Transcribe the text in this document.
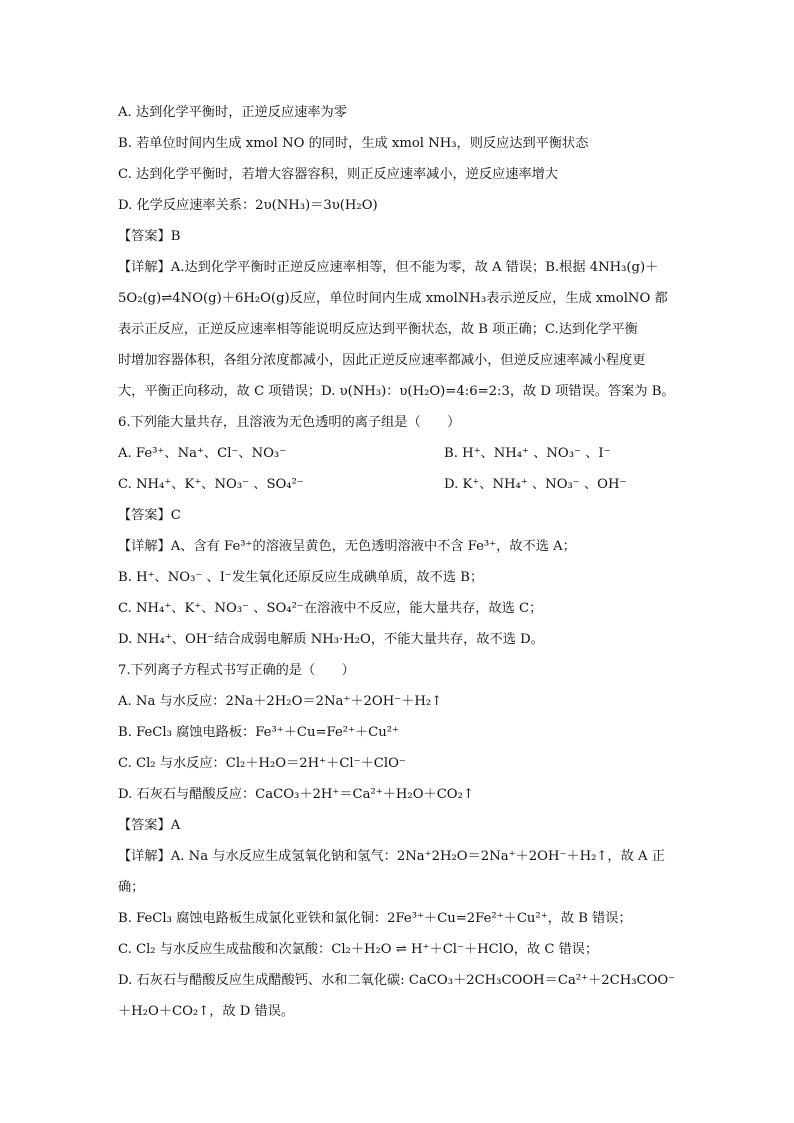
A. 达到化学平衡时，正逆反应速率为零
B. 若单位时间内生成 xmol NO 的同时，生成 xmol NH₃，则反应达到平衡状态
C. 达到化学平衡时，若增大容器容积，则正反应速率减小，逆反应速率增大
D. 化学反应速率关系：2υ(NH₃)＝3υ(H₂O)
【答案】B
【详解】A.达到化学平衡时正逆反应速率相等，但不能为零，故 A 错误；B.根据 4NH₃(g)＋
5O₂(g)⇌4NO(g)＋6H₂O(g)反应，单位时间内生成 xmolNH₃表示逆反应，生成 xmolNO 都
表示正反应，正逆反应速率相等能说明反应达到平衡状态，故 B 项正确；C.达到化学平衡
时增加容器体积，各组分浓度都减小，因此正逆反应速率都减小，但逆反应速率减小程度更
大，平衡正向移动，故 C 项错误；D. υ(NH₃)：υ(H₂O)=4:6=2:3，故 D 项错误。答案为 B。
6.下列能大量共存，且溶液为无色透明的离子组是（　　）
A. Fe³⁺、Na⁺、Cl⁻、NO₃⁻	B. H⁺、NH₄⁺ 、NO₃⁻ 、I⁻
C. NH₄⁺、K⁺、NO₃⁻ 、SO₄²⁻	D. K⁺、NH₄⁺ 、NO₃⁻ 、OH⁻
【答案】C
【详解】A、含有 Fe³⁺的溶液呈黄色，无色透明溶液中不含 Fe³⁺，故不选 A；
B. H⁺、NO₃⁻ 、I⁻发生氧化还原反应生成碘单质，故不选 B；
C. NH₄⁺、K⁺、NO₃⁻ 、SO₄²⁻在溶液中不反应，能大量共存，故选 C；
D. NH₄⁺、OH⁻结合成弱电解质 NH₃·H₂O，不能大量共存，故不选 D。
7.下列离子方程式书写正确的是（　　）
A. Na 与水反应：2Na＋2H₂O＝2Na⁺＋2OH⁻＋H₂↑
B. FeCl₃ 腐蚀电路板：Fe³⁺＋Cu=Fe²⁺＋Cu²⁺
C. Cl₂ 与水反应：Cl₂＋H₂O＝2H⁺＋Cl⁻＋ClO⁻
D. 石灰石与醋酸反应：CaCO₃＋2H⁺＝Ca²⁺＋H₂O＋CO₂↑
【答案】A
【详解】A. Na 与水反应生成氢氧化钠和氢气：2Na⁺2H₂O＝2Na⁺＋2OH⁻＋H₂↑，故 A 正
确；
B. FeCl₃ 腐蚀电路板生成氯化亚铁和氯化铜：2Fe³⁺＋Cu=2Fe²⁺＋Cu²⁺，故 B 错误；
C. Cl₂ 与水反应生成盐酸和次氯酸：Cl₂＋H₂O ⇌ H⁺＋Cl⁻＋HClO，故 C 错误；
D. 石灰石与醋酸反应生成醋酸钙、水和二氧化碳: CaCO₃＋2CH₃COOH＝Ca²⁺＋2CH₃COO⁻
＋H₂O＋CO₂↑，故 D 错误。
